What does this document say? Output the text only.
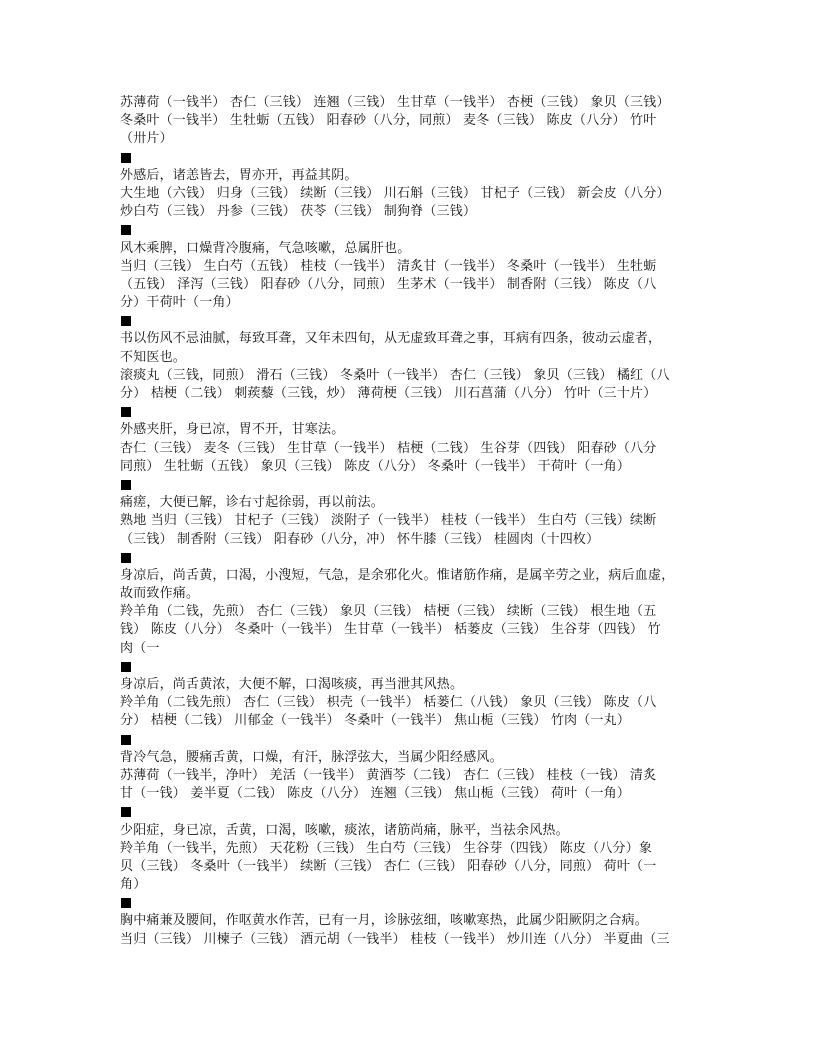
苏薄荷（一钱半） 杏仁（三钱） 连翘（三钱） 生甘草（一钱半） 杏梗（三钱） 象贝（三钱）
冬桑叶（一钱半） 生牡蛎（五钱） 阳春砂（八分，同煎） 麦冬（三钱） 陈皮（八分） 竹叶
（卅片）
外感后，诸恙皆去，胃亦开，再益其阴。
大生地（六钱） 归身（三钱） 续断（三钱） 川石斛（三钱） 甘杞子（三钱） 新会皮（八分）
炒白芍（三钱） 丹参（三钱） 茯苓（三钱） 制狗脊（三钱）
风木乘脾，口燥背冷腹痛，气急咳嗽，总属肝也。
当归（三钱） 生白芍（五钱） 桂枝（一钱半） 清炙甘（一钱半） 冬桑叶（一钱半） 生牡蛎
（五钱） 泽泻（三钱） 阳春砂（八分，同煎） 生茅术（一钱半） 制香附（三钱） 陈皮（八
分）干荷叶（一角）
书以伤风不忌油腻，每致耳聋，又年未四旬，从无虚致耳聋之事，耳病有四条，彼动云虚者，
不知医也。
滚痰丸（三钱，同煎） 滑石（三钱） 冬桑叶（一钱半） 杏仁（三钱） 象贝（三钱） 橘红（八
分） 桔梗（二钱） 刺蒺藜（三钱，炒） 薄荷梗（三钱） 川石菖蒲（八分） 竹叶（三十片）
外感夹肝，身已凉，胃不开，甘寒法。
杏仁（三钱） 麦冬（三钱） 生甘草（一钱半） 桔梗（二钱） 生谷芽（四钱） 阳春砂（八分
同煎） 生牡蛎（五钱） 象贝（三钱） 陈皮（八分） 冬桑叶（一钱半） 干荷叶（一角）
痛瘥，大便已解，诊右寸起徐弱，再以前法。
熟地 当归（三钱） 甘杞子（三钱） 淡附子（一钱半） 桂枝（一钱半） 生白芍（三钱）续断
（三钱） 制香附（三钱） 阳春砂（八分，冲） 怀牛膝（三钱） 桂圆肉（十四枚）
身凉后，尚舌黄，口渴，小溲短，气急，是余邪化火。惟诸筋作痛，是属辛劳之业，病后血虚，
故而致作痛。
羚羊角（二钱，先煎） 杏仁（三钱） 象贝（三钱） 桔梗（三钱） 续断（三钱） 根生地（五
钱） 陈皮（八分） 冬桑叶（一钱半） 生甘草（一钱半） 栝蒌皮（三钱） 生谷芽（四钱） 竹
肉（一
身凉后，尚舌黄浓，大便不解，口渴咳痰，再当泄其风热。
羚羊角（二钱先煎） 杏仁（三钱） 枳壳（一钱半） 栝蒌仁（八钱） 象贝（三钱） 陈皮（八
分） 桔梗（二钱） 川郁金（一钱半） 冬桑叶（一钱半） 焦山栀（三钱） 竹肉（一丸）
背冷气急，腰痛舌黄，口燥，有汗，脉浮弦大，当属少阳经感风。
苏薄荷（一钱半，净叶） 羌活（一钱半） 黄酒芩（二钱） 杏仁（三钱） 桂枝（一钱） 清炙
甘（一钱） 姜半夏（二钱） 陈皮（八分） 连翘（三钱） 焦山栀（三钱） 荷叶（一角）
少阳症，身已凉，舌黄，口渴，咳嗽，痰浓，诸筋尚痛，脉平，当祛余风热。
羚羊角（一钱半，先煎） 天花粉（三钱） 生白芍（三钱） 生谷芽（四钱） 陈皮（八分）象
贝（三钱） 冬桑叶（一钱半） 续断（三钱） 杏仁（三钱） 阳春砂（八分，同煎） 荷叶（一
角）
胸中痛兼及腰间，作呕黄水作苦，已有一月，诊脉弦细，咳嗽寒热，此属少阳厥阴之合病。
当归（三钱） 川楝子（三钱） 酒元胡（一钱半） 桂枝（一钱半） 炒川连（八分） 半夏曲（三
